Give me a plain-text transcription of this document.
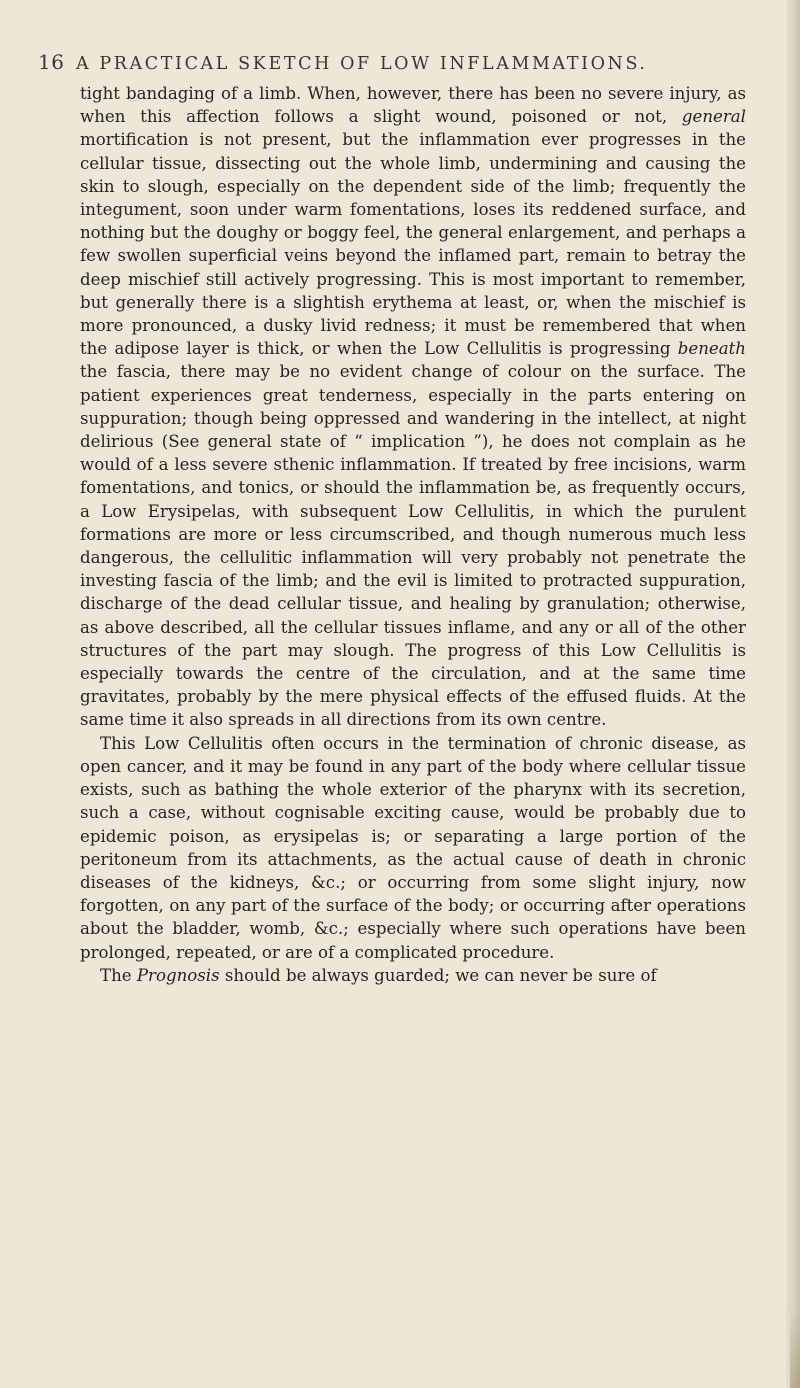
16 A PRACTICAL SKETCH OF LOW INFLAMMATIONS.

tight bandaging of a limb. When, however, there has been no severe injury, as when this affection follows a slight wound, poisoned or not, general mortification is not present, but the inflammation ever progresses in the cellular tissue, dissecting out the whole limb, undermining and causing the skin to slough, especially on the dependent side of the limb; frequently the integument, soon under warm fomentations, loses its reddened surface, and nothing but the doughy or boggy feel, the general enlargement, and perhaps a few swollen superficial veins beyond the inflamed part, remain to betray the deep mischief still actively progressing. This is most important to remember, but generally there is a slightish erythema at least, or, when the mischief is more pronounced, a dusky livid redness; it must be remembered that when the adipose layer is thick, or when the Low Cellulitis is progressing beneath the fascia, there may be no evident change of colour on the surface. The patient experiences great tenderness, especially in the parts entering on suppuration; though being oppressed and wandering in the intellect, at night delirious (See general state of “ implication ”), he does not complain as he would of a less severe sthenic inflammation. If treated by free incisions, warm fomentations, and tonics, or should the inflammation be, as frequently occurs, a Low Erysipelas, with subsequent Low Cellulitis, in which the purulent formations are more or less circumscribed, and though numerous much less dangerous, the cellulitic inflammation will very probably not penetrate the investing fascia of the limb; and the evil is limited to protracted suppuration, discharge of the dead cellular tissue, and healing by granulation; otherwise, as above described, all the cellular tissues inflame, and any or all of the other structures of the part may slough. The progress of this Low Cellulitis is especially towards the centre of the circulation, and at the same time gravitates, probably by the mere physical effects of the effused fluids. At the same time it also spreads in all directions from its own centre.

This Low Cellulitis often occurs in the termination of chronic disease, as open cancer, and it may be found in any part of the body where cellular tissue exists, such as bathing the whole exterior of the pharynx with its secretion, such a case, without cognisable exciting cause, would be probably due to epidemic poison, as erysipelas is; or separating a large portion of the peritoneum from its attachments, as the actual cause of death in chronic diseases of the kidneys, &c.; or occurring from some slight injury, now forgotten, on any part of the surface of the body; or occurring after operations about the bladder, womb, &c.; especially where such operations have been prolonged, repeated, or are of a complicated procedure.

The Prognosis should be always guarded; we can never be sure of
